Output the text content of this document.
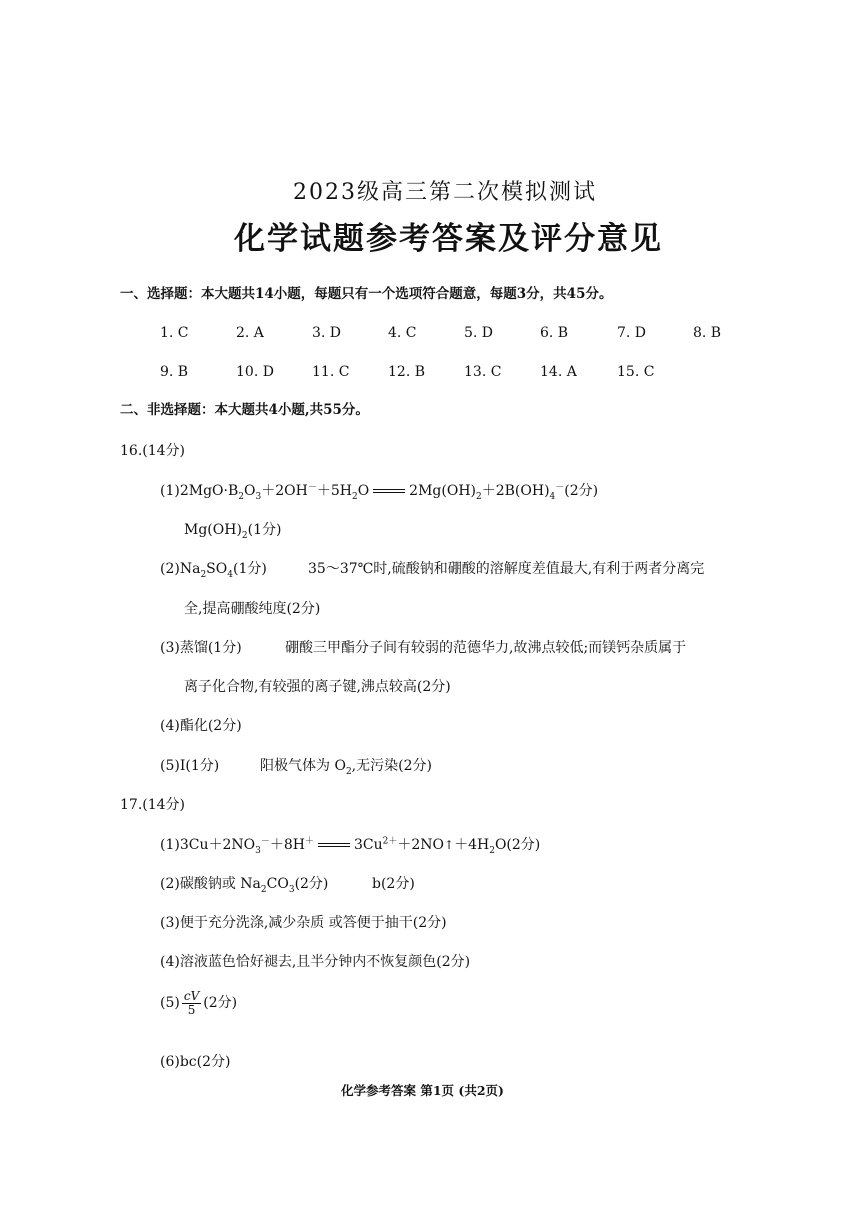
2023级高三第二次模拟测试
化学试题参考答案及评分意见
一、选择题：本大题共14小题，每题只有一个选项符合题意，每题3分，共45分。
1. C	2. A	3. D	4. C	5. D	6. B	7. D	8. B
9. B	10. D	11. C	12. B	13. C	14. A	15. C
二、非选择题：本大题共4小题,共55分。
16.(14分)
$(1)2MgO\cdot B_2O_3+2OH^-+5H_2O$	$2Mg(OH)_2+2B(OH)_4^-(2$分)
$Mg(OH)_2(1$分)
$(2)Na_2SO_4(1$分)	35～37℃时,硫酸钠和硼酸的溶解度差值最大,有利于两者分离完
全,提高硼酸纯度(2分)
(3)蒸馏(1分)	硼酸三甲酯分子间有较弱的范德华力,故沸点较低;而镁钙杂质属于
离子化合物,有较强的离子键,沸点较高(2分)
(4)酯化(2分)
(5)I(1分)	阳极气体为 $O_2$,无污染(2分)
17.(14分)
$(1)3Cu+2NO_3^-+8H^+$	$3Cu^{2+}+2NO↑+4H_2O(2$分)
(2)碳酸钠或 $Na_2CO_3(2$分)	b(2分)
(3)便于充分洗涤,减少杂质 或答便于抽干(2分)
(4)溶液蓝色恰好褪去,且半分钟内不恢复颜色(2分)
$(5) \frac{cV}{5} (2$分)
(6)bc(2分)
化学参考答案 第1页 (共2页)
